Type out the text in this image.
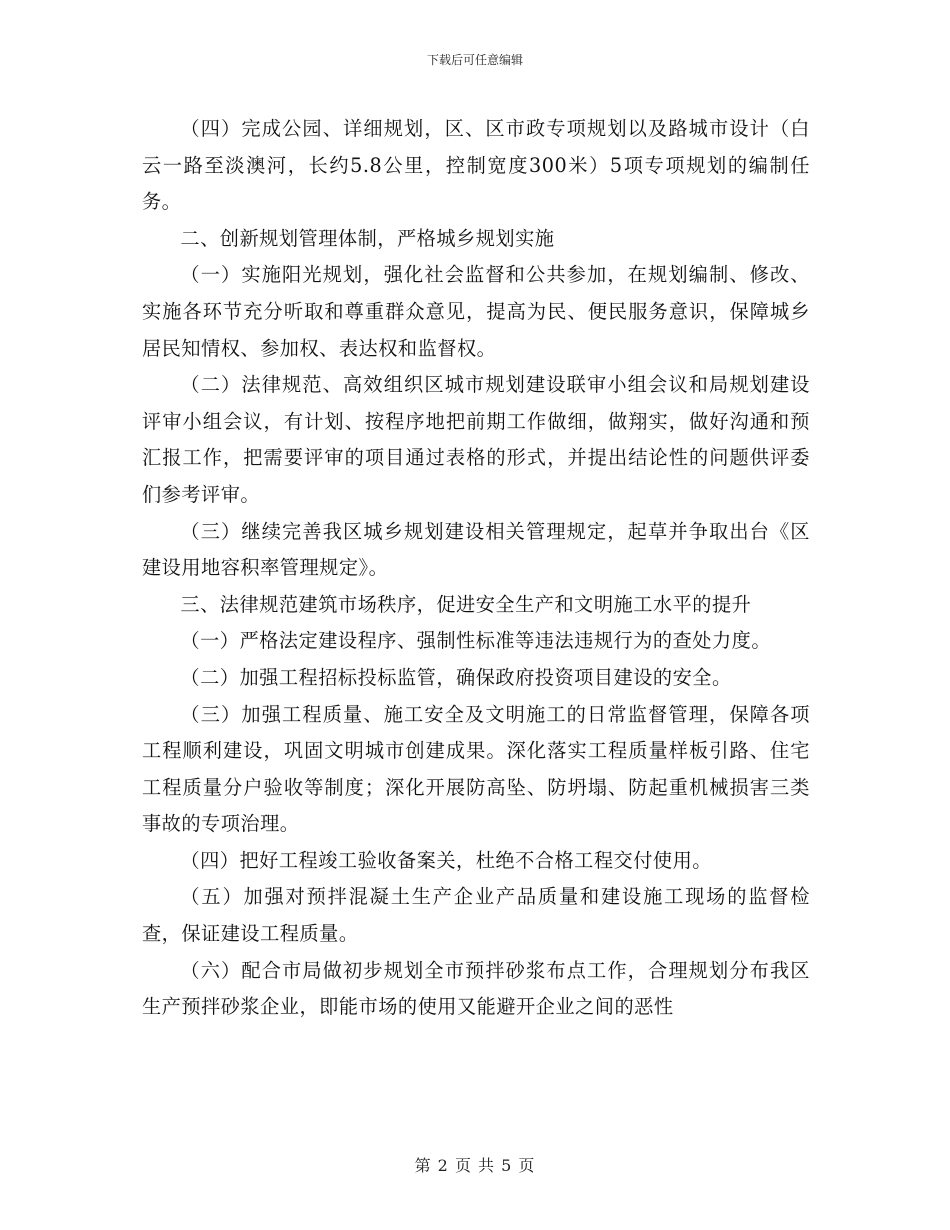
下载后可任意编辑

（四）完成公园、详细规划，区、区市政专项规划以及路城市设计（白云一路至淡澳河，长约5.8公里，控制宽度300米）5项专项规划的编制任务。

二、创新规划管理体制，严格城乡规划实施

（一）实施阳光规划，强化社会监督和公共参加，在规划编制、修改、实施各环节充分听取和尊重群众意见，提高为民、便民服务意识，保障城乡居民知情权、参加权、表达权和监督权。

（二）法律规范、高效组织区城市规划建设联审小组会议和局规划建设评审小组会议，有计划、按程序地把前期工作做细，做翔实，做好沟通和预汇报工作，把需要评审的项目通过表格的形式，并提出结论性的问题供评委们参考评审。

（三）继续完善我区城乡规划建设相关管理规定，起草并争取出台《区建设用地容积率管理规定》。

三、法律规范建筑市场秩序，促进安全生产和文明施工水平的提升

（一）严格法定建设程序、强制性标准等违法违规行为的查处力度。

（二）加强工程招标投标监管，确保政府投资项目建设的安全。

（三）加强工程质量、施工安全及文明施工的日常监督管理，保障各项工程顺利建设，巩固文明城市创建成果。深化落实工程质量样板引路、住宅工程质量分户验收等制度；深化开展防高坠、防坍塌、防起重机械损害三类事故的专项治理。

（四）把好工程竣工验收备案关，杜绝不合格工程交付使用。

（五）加强对预拌混凝土生产企业产品质量和建设施工现场的监督检查，保证建设工程质量。

（六）配合市局做初步规划全市预拌砂浆布点工作，合理规划分布我区生产预拌砂浆企业，即能市场的使用又能避开企业之间的恶性

第 2 页 共 5 页
